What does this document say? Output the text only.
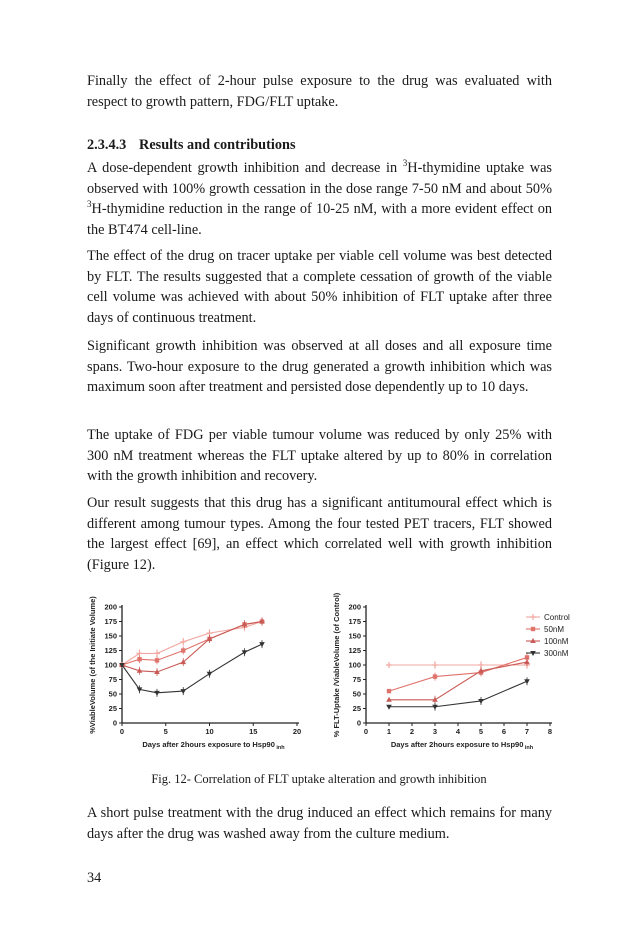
Finally the effect of 2-hour pulse exposure to the drug was evaluated with respect to growth pattern, FDG/FLT uptake.

2.3.4.3 Results and contributions

A dose-dependent growth inhibition and decrease in $^3$H-thymidine uptake was observed with 100% growth cessation in the dose range 7-50 nM and about 50% $^3$H-thymidine reduction in the range of 10-25 nM, with a more evident effect on the BT474 cell-line.

The effect of the drug on tracer uptake per viable cell volume was best detected by FLT. The results suggested that a complete cessation of growth of the viable cell volume was achieved with about 50% inhibition of FLT uptake after three days of continuous treatment.

Significant growth inhibition was observed at all doses and all exposure time spans. Two-hour exposure to the drug generated a growth inhibition which was maximum soon after treatment and persisted dose dependently up to 10 days.

The uptake of FDG per viable tumour volume was reduced by only 25% with 300 nM treatment whereas the FLT uptake altered by up to 80% in correlation with the growth inhibition and recovery.

Our result suggests that this drug has a significant antitumoural effect which is different among tumour types. Among the four tested PET tracers, FLT showed the largest effect [69], an effect which correlated well with growth inhibition (Figure 12).

0
25
50
75
100
125
150
175
200
0	5	10	15	20
Days after 2hours exposure to Hsp90 $_{inh}$
%ViableVolume (of the Initiate Volume)	0
25
50
75
100
125
150
175
200
0	1	2	3	4	5	6	7	8
Days after 2hours exposure to Hsp90 $_{inh}$
% FLT-Uptake /ViableVolume (of Control)	Control
50nM
100nM
300nM
Fig. 12- Correlation of FLT uptake alteration and growth inhibition

A short pulse treatment with the drug induced an effect which remains for many days after the drug was washed away from the culture medium.

34
